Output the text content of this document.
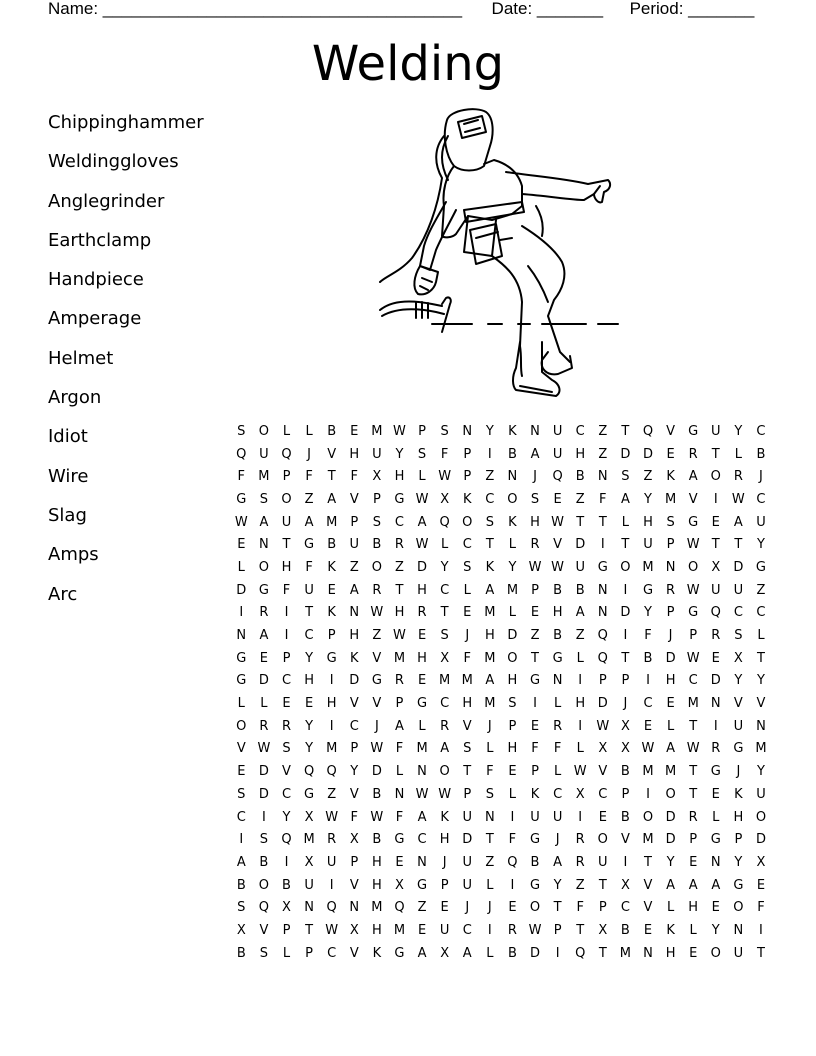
Name: ______________________________________ Date: _______ Period: _______
Welding
Chippinghammer
Weldinggloves
Anglegrinder
Earthclamp
Handpiece
Amperage
Helmet
Argon
Idiot
Wire
Slag
Amps
Arc
S	O	L	L	B	E M W P	S	N	Y	K	N U	C	Z	T	Q	V	G U	Y	C
Q U Q	J	V	H U	Y	S	F	P	I	B	A	U H	Z	D D	E	R	T	L	B
F	M	P	F	T	F	X	H	L W P	Z	N	J	Q	B	N	S	Z	K	A	O R	J
G	S	O	Z	A	V	P	G W X	K	C O	S	E	Z	F	A	Y	M V	I	W C
W A	U	A M	P	S	C	A	Q O	S	K	H W T	T	L	H	S	G	E	A	U
E	N	T	G	B	U	B	R W L	C	T	L	R	V	D	I	T	U	P W T	T	Y
L	O H	F	K	Z	O	Z	D	Y	S	K	Y W W U G O M N O	X	D G
D G	F	U	E	A	R	T	H	C	L	A M	P	B	B	N	I	G	R W U	U	Z
I	R	I	T	K	N W H	R	T	E M	L	E	H	A	N D	Y	P	G Q C	C
N	A	I	C	P	H	Z W E	S	J	H D	Z	B	Z	Q	I	F	J	P	R	S	L
G	E	P	Y	G	K	V M H	X	F	M O	T	G	L	Q	T	B	D W E	X	T
G D	C	H	I	D G	R	E M M A	H G N	I	P	P	I	H	C	D	Y	Y
L	L	E	E	H	V	V	P	G	C	H M S	I	L	H D	J	C	E M N	V	V
O R	R	Y	I	C	J	A	L	R	V	J	P	E	R	I	W X	E	L	T	I	U N
V W S	Y	M	P W F	M A	S	L	H	F	F	L	X	X W A W R	G M
E	D	V	Q Q	Y	D	L	N O	T	F	E	P	L W V	B M M	T	G	J	Y
S	D	C	G	Z	V	B	N W W P	S	L	K	C	X	C	P	I	O	T	E	K	U
C	I	Y	X W F W F	A	K	U N	I	U	U	I	E	B	O D	R	L	H O
I	S	Q M R	X	B	G	C	H D	T	F	G	J	R O	V M D	P	G	P	D
A	B	I	X	U	P	H	E	N	J	U	Z	Q	B	A	R	U	I	T	Y	E	N	Y	X
B	O	B	U	I	V	H	X	G	P	U	L	I	G	Y	Z	T	X	V	A	A	A	G	E
S	Q	X	N Q N M Q	Z	E	J	J	E	O	T	F	P	C	V	L	H	E	O	F
X	V	P	T W X	H M E	U	C	I	R W P	T	X	B	E	K	L	Y	N	I
B	S	L	P	C	V	K	G	A	X	A	L	B	D	I	Q	T	M N H	E	O U	T
